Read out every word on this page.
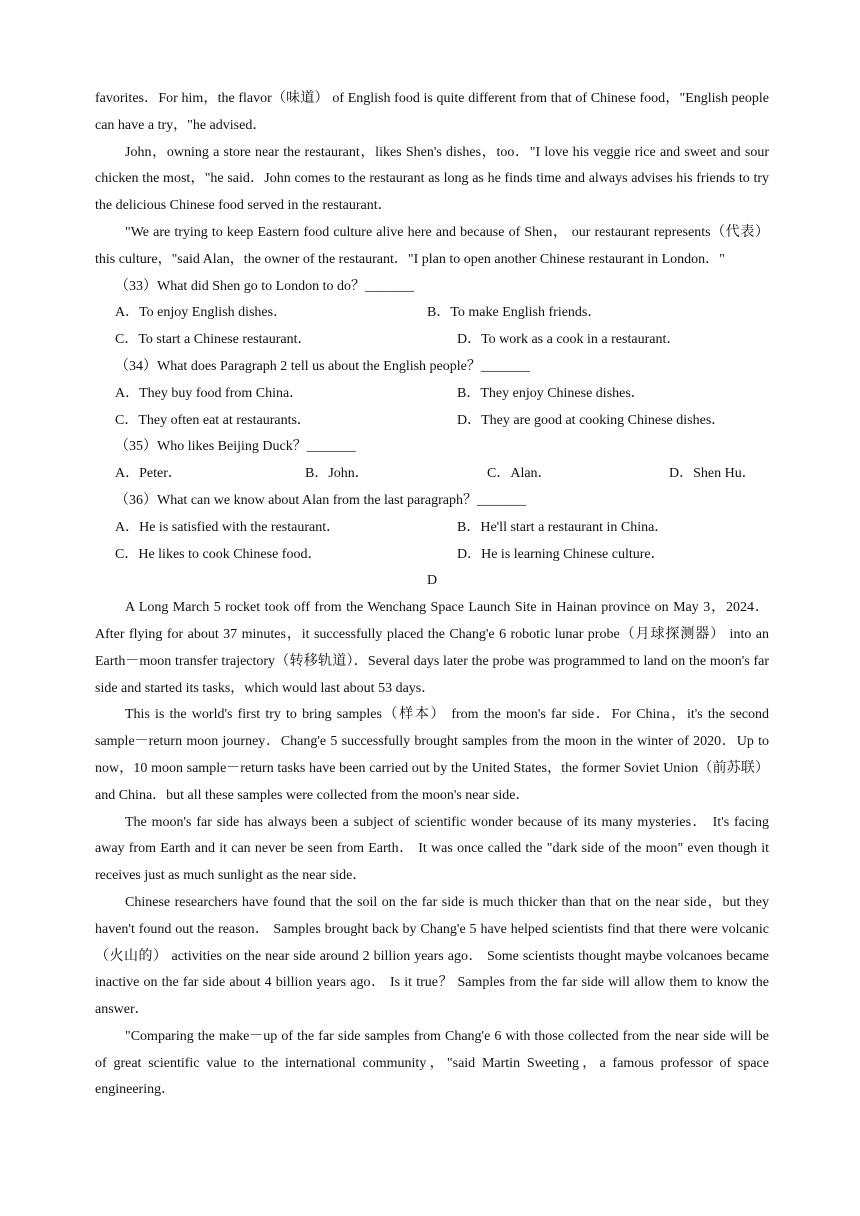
favorites．For him，the flavor（味道） of English food is quite different from that of Chinese food，"English people can have a try，"he advised．

John，owning a store near the restaurant，likes Shen's dishes，too．"I love his veggie rice and sweet and sour chicken the most，"he said．John comes to the restaurant as long as he finds time and always advises his friends to try the delicious Chinese food served in the restaurant．

"We are trying to keep Eastern food culture alive here and because of Shen， our restaurant represents（代表） this culture，"said Alan，the owner of the restaurant．"I plan to open another Chinese restaurant in London．"

（33）What did Shen go to London to do？_______

A．To enjoy English dishes．	B．To make English friends．
C．To start a Chinese restaurant．	D．To work as a cook in a restaurant．

（34）What does Paragraph 2 tell us about the English people？_______

A．They buy food from China．	B．They enjoy Chinese dishes．
C．They often eat at restaurants．	D．They are good at cooking Chinese dishes．

（35）Who likes Beijing Duck？_______

A．Peter．	B．John．	C．Alan．	D．Shen Hu．

（36）What can we know about Alan from the last paragraph？_______

A．He is satisfied with the restaurant．	B．He'll start a restaurant in China．
C．He likes to cook Chinese food．	D．He is learning Chinese culture．

D

A Long March 5 rocket took off from the Wenchang Space Launch Site in Hainan province on May 3，2024．After flying for about 37 minutes，it successfully placed the Chang'e 6 robotic lunar probe（月球探测器） into an Earth－moon transfer trajectory（转移轨道）．Several days later the probe was programmed to land on the moon's far side and started its tasks，which would last about 53 days．

This is the world's first try to bring samples（样本） from the moon's far side．For China，it's the second sample－return moon journey．Chang'e 5 successfully brought samples from the moon in the winter of 2020．Up to now，10 moon sample－return tasks have been carried out by the United States，the former Soviet Union（前苏联） and China．but all these samples were collected from the moon's near side．

The moon's far side has always been a subject of scientific wonder because of its many mysteries． It's facing away from Earth and it can never be seen from Earth． It was once called the "dark side of the moon" even though it receives just as much sunlight as the near side．

Chinese researchers have found that the soil on the far side is much thicker than that on the near side，but they haven't found out the reason． Samples brought back by Chang'e 5 have helped scientists find that there were volcanic （火山的） activities on the near side around 2 billion years ago． Some scientists thought maybe volcanoes became inactive on the far side about 4 billion years ago． Is it true？ Samples from the far side will allow them to know the answer．

"Comparing the make－up of the far side samples from Chang'e 6 with those collected from the near side will be of great scientific value to the international community，"said Martin Sweeting，a famous professor of space engineering．
